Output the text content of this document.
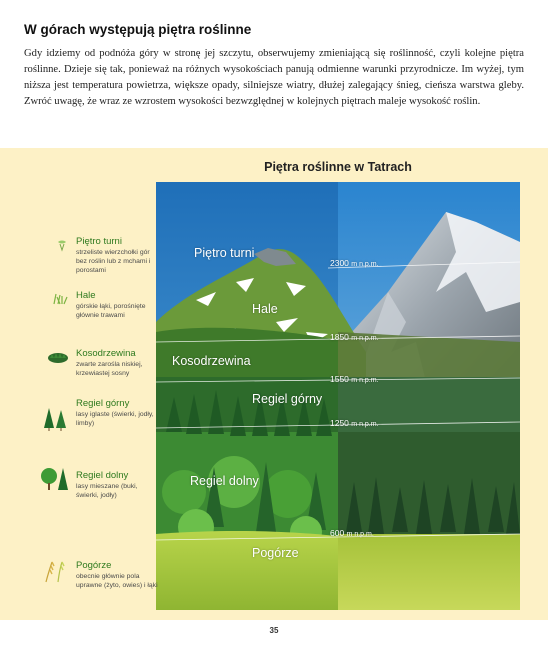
W górach występują piętra roślinne

Gdy idziemy od podnóża góry w stronę jej szczytu, obserwujemy zmieniającą się roślinność, czyli kolejne piętra roślinne. Dzieje się tak, ponieważ na różnych wysokościach panują odmienne warunki przyrodnicze. Im wyżej, tym niższa jest temperatura powietrza, większe opady, silniejsze wiatry, dłużej zalegający śnieg, cieńsza warstwa gleby. Zwróć uwagę, że wraz ze wzrostem wysokości bezwzględnej w kolejnych piętrach maleje wysokość roślin.

Piętra roślinne w Tatrach
Piętro turni
Hale
Kosodrzewina
Regiel górny
Regiel dolny
Pogórze
2300 m n.p.m.
1850 m n.p.m.
1550 m n.p.m.
1250 m n.p.m.
600 m n.p.m.
Piętro turni
strzeliste wierzchołki gór bez roślin lub z mchami i porostami
Hale
górskie łąki, porośnięte głównie trawami
Kosodrzewina
zwarte zarośla niskiej, krzewiastej sosny
Regiel górny
lasy iglaste (świerki, jodły, limby)
Regiel dolny
lasy mieszane (buki, świerki, jodły)
Pogórze
obecnie głównie pola uprawne (żyto, owies) i łąki
35
